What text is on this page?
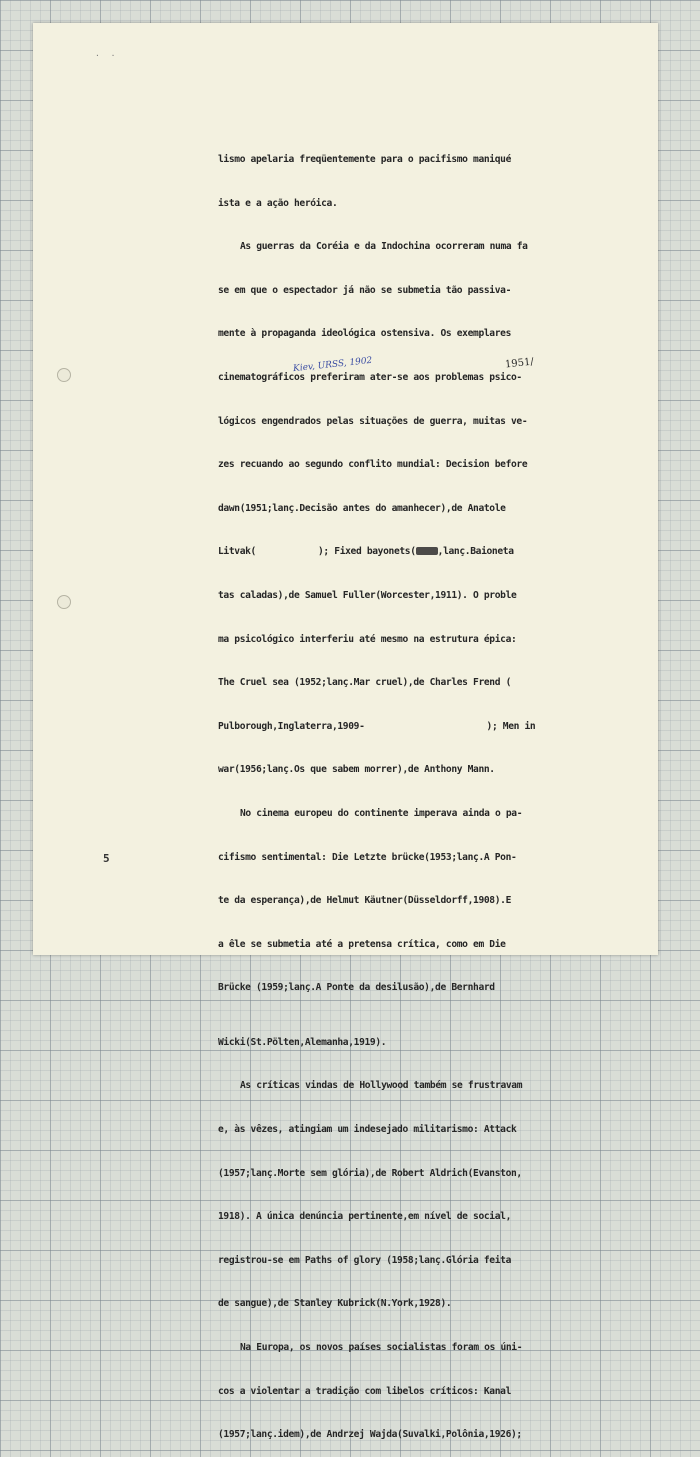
· ·
5

lismo apelaria freqüentemente para o pacifismo maniqué

ista e a ação heróica.

As guerras da Coréia e da Indochina ocorreram numa fa

se em que o espectador já não se submetia tão passiva-

mente à propaganda ideológica ostensiva. Os exemplares

cinematográficos preferiram ater-se aos problemas psico-

lógicos engendrados pelas situações de guerra, muitas ve-

zes recuando ao segundo conflito mundial: Decision before

dawn(1951;lanç.Decisão antes do amanhecer),de Anatole

Litvak(	); Fixed bayonets( ,lanç.Baioneta

tas caladas),de Samuel Fuller(Worcester,1911). O proble

ma psicológico interferiu até mesmo na estrutura épica:

The Cruel sea (1952;lanç.Mar cruel),de Charles Frend (

Pulborough,Inglaterra,1909-	); Men in

war(1956;lanç.Os que sabem morrer),de Anthony Mann.

No cinema europeu do continente imperava ainda o pa-

cifismo sentimental: Die Letzte brücke(1953;lanç.A Pon-

te da esperança),de Helmut Käutner(Düsseldorff,1908).E

a êle se submetia até a pretensa crítica, como em Die

Brücke (1959;lanç.A Ponte da desilusão),de Bernhard

Wicki(St.Pölten,Alemanha,1919).

As críticas vindas de Hollywood também se frustravam

e, às vêzes, atingiam um indesejado militarismo: Attack

(1957;lanç.Morte sem glória),de Robert Aldrich(Evanston,

1918). A única denúncia pertinente,em nível de social,

registrou-se em Paths of glory (1958;lanç.Glória feita

de sangue),de Stanley Kubrick(N.York,1928).

Na Europa, os novos países socialistas foram os úni-

cos a violentar a tradição com libelos críticos: Kanal

(1957;lanç.idem),de Andrzej Wajda(Suvalki,Polônia,1926);

Kiev, URSS, 1902	1951/
